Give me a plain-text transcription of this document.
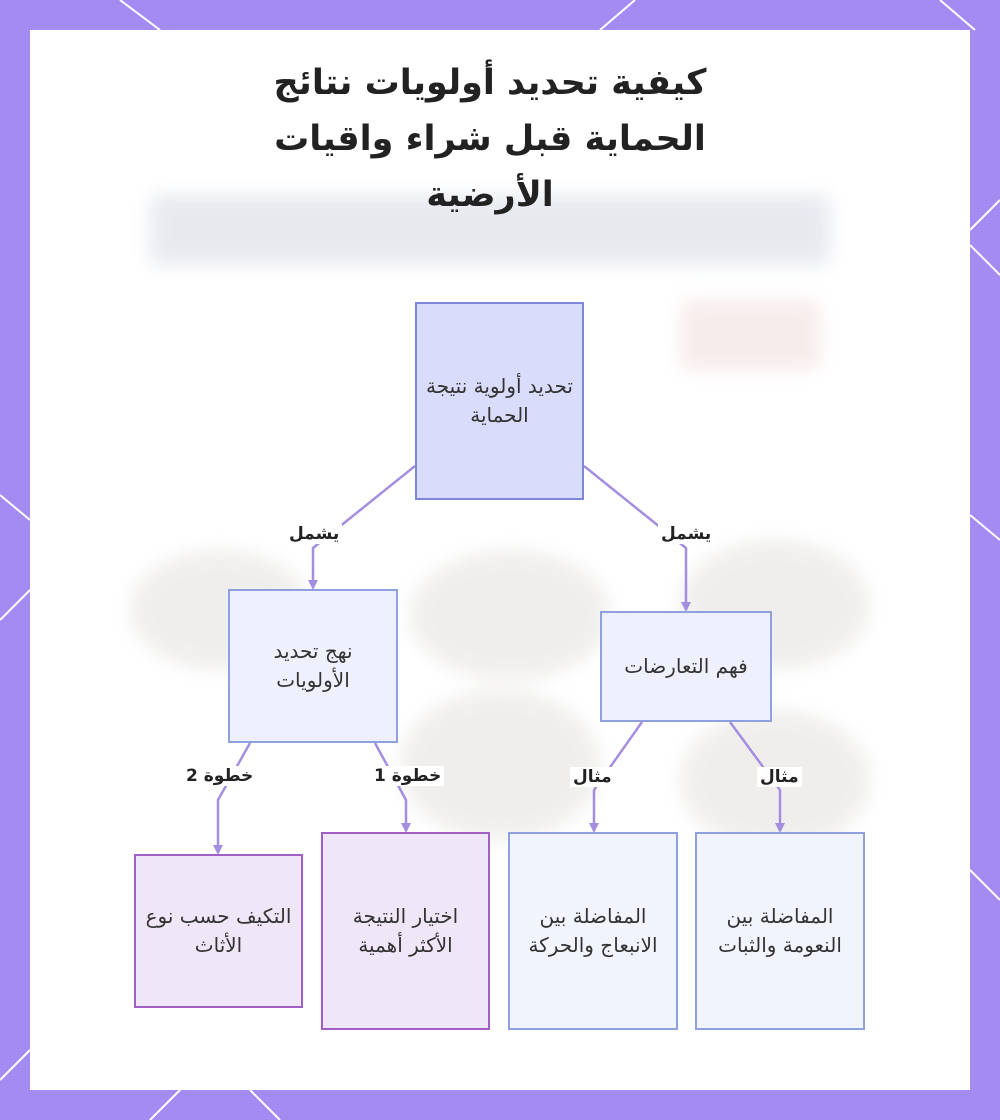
كيفية تحديد أولويات نتائج الحماية قبل شراء واقيات الأرضية
تحديد أولوية نتيجة الحماية
نهج تحديد الأولويات
فهم التعارضات
التكيف حسب نوع الأثاث
اختيار النتيجة الأكثر أهمية
المفاضلة بين الانبعاج والحركة
المفاضلة بين النعومة والثبات
يشمل	يشمل
خطوة 2	خطوة 1	مثال	مثال
